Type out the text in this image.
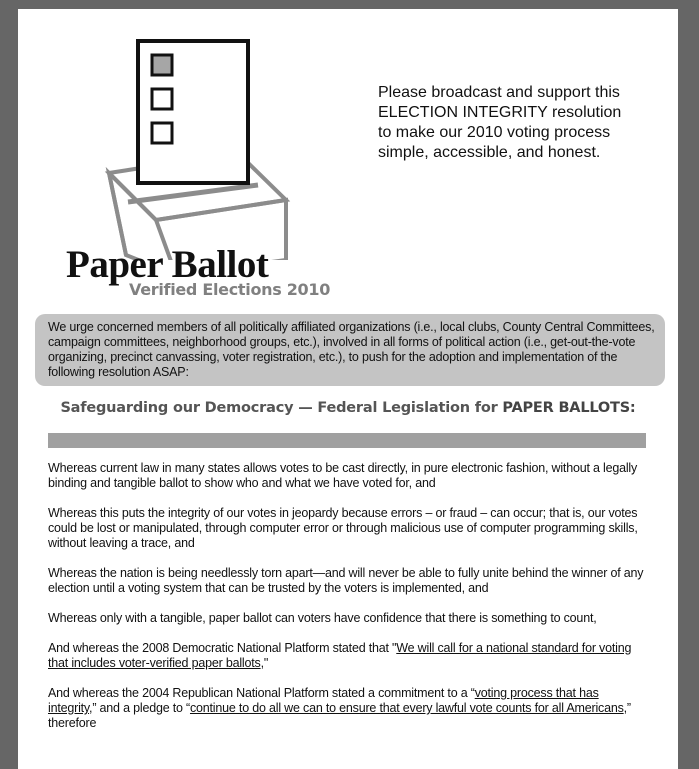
Paper Ballot
Verified Elections 2010
Please broadcast and support this ELECTION INTEGRITY resolution to make our 2010 voting process simple, accessible, and honest.
We urge concerned members of all politically affiliated organizations (i.e., local clubs, County Central Committees, campaign committees, neighborhood groups, etc.), involved in all forms of political action (i.e., get-out-the-vote organizing, precinct canvassing, voter registration, etc.), to push for the adoption and implementation of the following resolution ASAP:
Safeguarding our Democracy — Federal Legislation for PAPER BALLOTS:

Whereas current law in many states allows votes to be cast directly, in pure electronic fashion, without a legally binding and tangible ballot to show who and what we have voted for, and

Whereas this puts the integrity of our votes in jeopardy because errors – or fraud – can occur; that is, our votes could be lost or manipulated, through computer error or through malicious use of computer programming skills, without leaving a trace, and

Whereas the nation is being needlessly torn apart—and will never be able to fully unite behind the winner of any election until a voting system that can be trusted by the voters is implemented, and

Whereas only with a tangible, paper ballot can voters have confidence that there is something to count,

And whereas the 2008 Democratic National Platform stated that "We will call for a national standard for voting that includes voter-verified paper ballots,"

And whereas the 2004 Republican National Platform stated a commitment to a “voting process that has integrity,” and a pledge to “continue to do all we can to ensure that every lawful vote counts for all Americans,” therefore
